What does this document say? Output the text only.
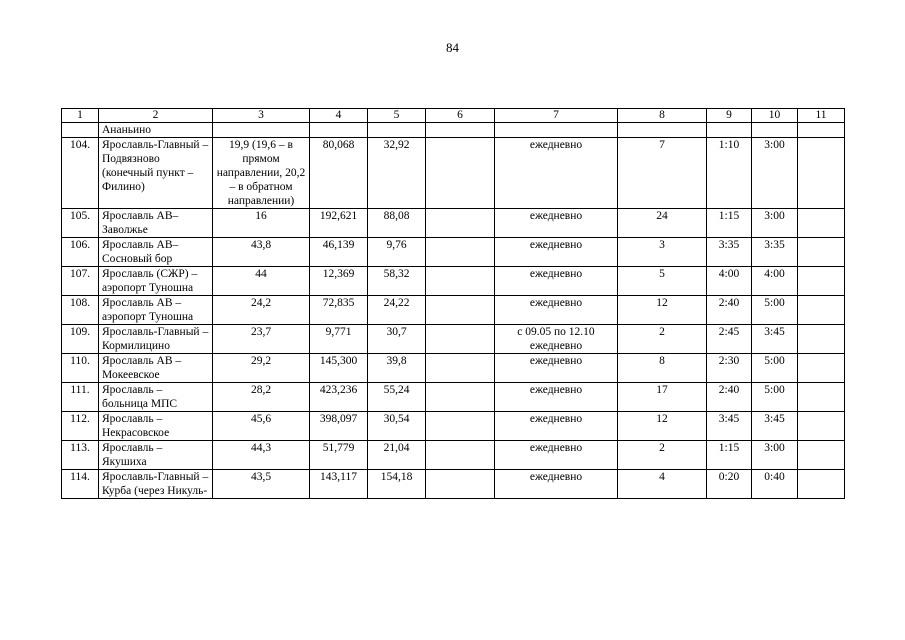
84
1	2	3	4	5	6	7	8	9	10	11
	Ананьино									
104.	Ярославль-Главный – Подвязново (конечный пункт – Филино)	19,9 (19,6 – в прямом направлении, 20,2 – в обратном направлении)	80,068	32,92		ежедневно	7	1:10	3:00	
105.	Ярославль АВ– Заволжье	16	192,621	88,08		ежедневно	24	1:15	3:00	
106.	Ярославль АВ– Сосновый бор	43,8	46,139	9,76		ежедневно	3	3:35	3:35	
107.	Ярославль (СЖР) – аэропорт Туношна	44	12,369	58,32		ежедневно	5	4:00	4:00	
108.	Ярославль АВ – аэропорт Туношна	24,2	72,835	24,22		ежедневно	12	2:40	5:00	
109.	Ярославль-Главный – Кормилицино	23,7	9,771	30,7		с 09.05 по 12.10 ежедневно	2	2:45	3:45	
110.	Ярославль АВ – Мокеевское	29,2	145,300	39,8		ежедневно	8	2:30	5:00	
111.	Ярославль – больница МПС	28,2	423,236	55,24		ежедневно	17	2:40	5:00	
112.	Ярославль – Некрасовское	45,6	398,097	30,54		ежедневно	12	3:45	3:45	
113.	Ярославль – Якушиха	44,3	51,779	21,04		ежедневно	2	1:15	3:00	
114.	Ярославль-Главный – Курба (через Никуль-	43,5	143,117	154,18		ежедневно	4	0:20	0:40	
